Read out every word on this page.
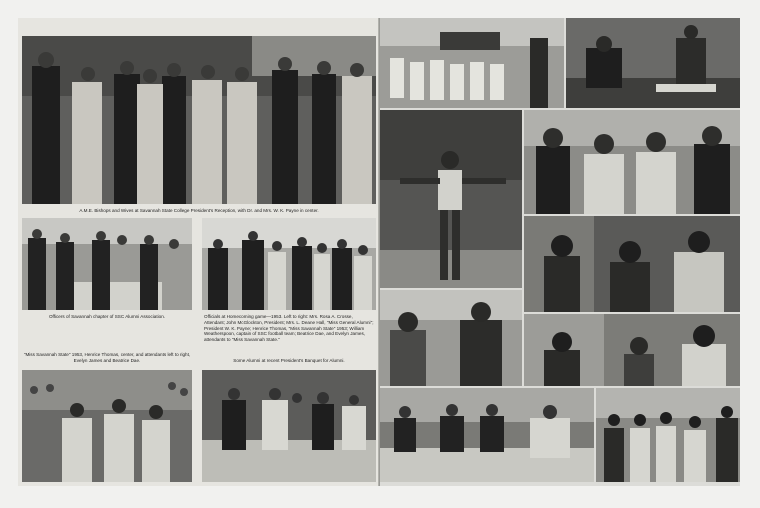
A.M.E. Bishops and Wives at Savannah State College President's Reception, with Dr. and Mrs. W. K. Payne in center.
Officers of Savannah chapter of SSC Alumni Association.	Officials at Homecoming game—1953. Left to right: Mrs. Rosa A. Crosse, Attendant; John McGlockton, President; Mrs. L. Deane Hall, "Miss General Alumni"; President W. K. Payne; Henrice Thomas, "Miss Savannah State" 1953; William Weatherspoon, captain of SSC football team; Beatrice Dae, and Evelyn James, attendants to "Miss Savannah State."
"Miss Savannah State" 1953, Henrice Thomas, center, and attendants left to right, Evelyn James and Beatrice Dae.	Some Alumni at recent President's Banquet for Alumni.
